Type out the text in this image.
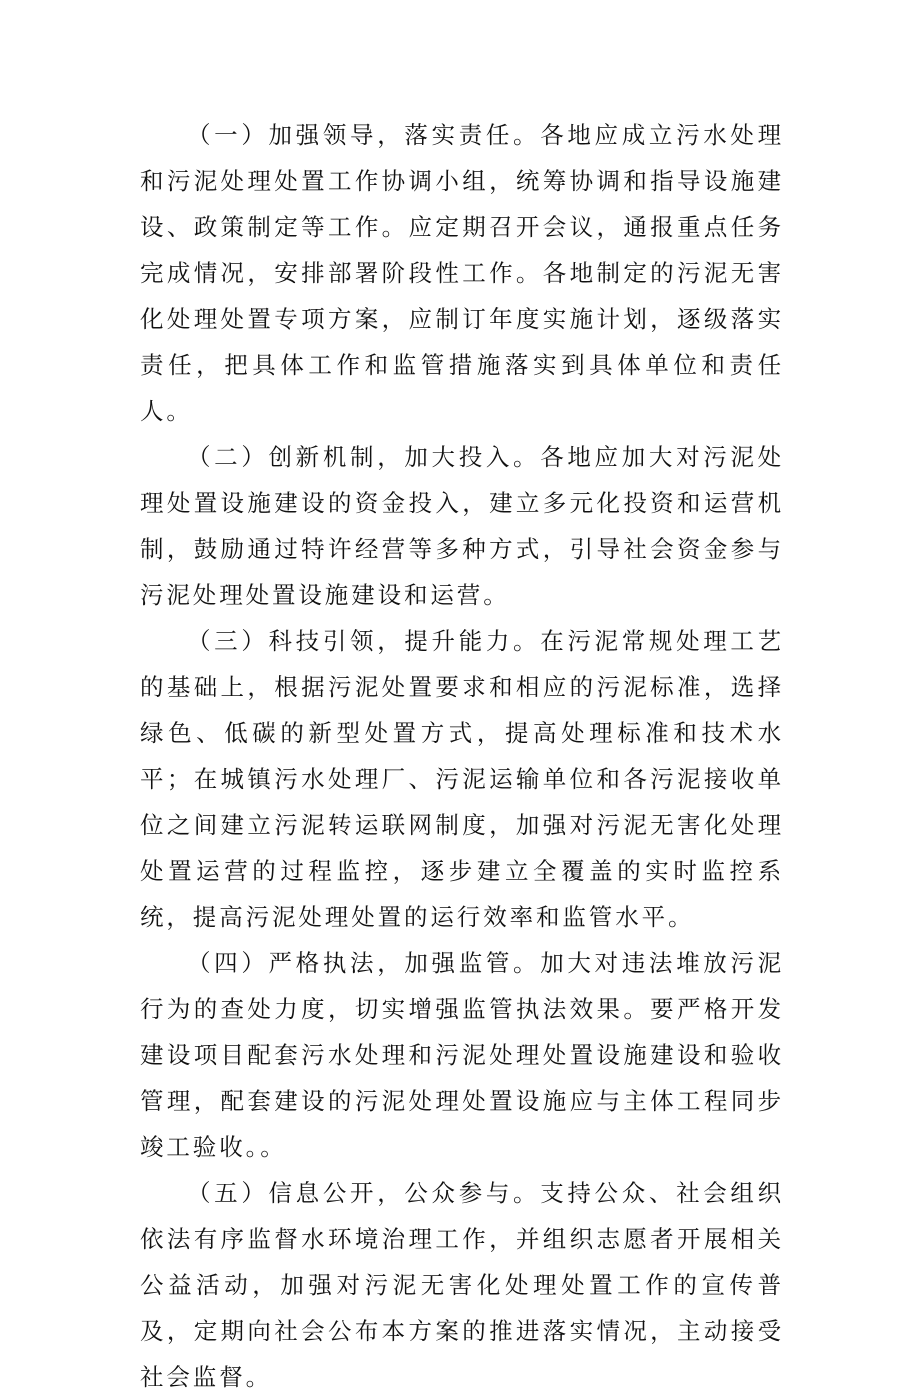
（一）加强领导，落实责任。各地应成立污水处理和污泥处理处置工作协调小组，统筹协调和指导设施建设、政策制定等工作。应定期召开会议，通报重点任务完成情况，安排部署阶段性工作。各地制定的污泥无害化处理处置专项方案，应制订年度实施计划，逐级落实责任，把具体工作和监管措施落实到具体单位和责任人。

（二）创新机制，加大投入。各地应加大对污泥处理处置设施建设的资金投入，建立多元化投资和运营机制，鼓励通过特许经营等多种方式，引导社会资金参与污泥处理处置设施建设和运营。

（三）科技引领，提升能力。在污泥常规处理工艺的基础上，根据污泥处置要求和相应的污泥标准，选择绿色、低碳的新型处置方式，提高处理标准和技术水平；在城镇污水处理厂、污泥运输单位和各污泥接收单位之间建立污泥转运联网制度，加强对污泥无害化处理处置运营的过程监控，逐步建立全覆盖的实时监控系统，提高污泥处理处置的运行效率和监管水平。

（四）严格执法，加强监管。加大对违法堆放污泥行为的查处力度，切实增强监管执法效果。要严格开发建设项目配套污水处理和污泥处理处置设施建设和验收管理，配套建设的污泥处理处置设施应与主体工程同步竣工验收。。

（五）信息公开，公众参与。支持公众、社会组织依法有序监督水环境治理工作，并组织志愿者开展相关公益活动，加强对污泥无害化处理处置工作的宣传普及，定期向社会公布本方案的推进落实情况，主动接受社会监督。
